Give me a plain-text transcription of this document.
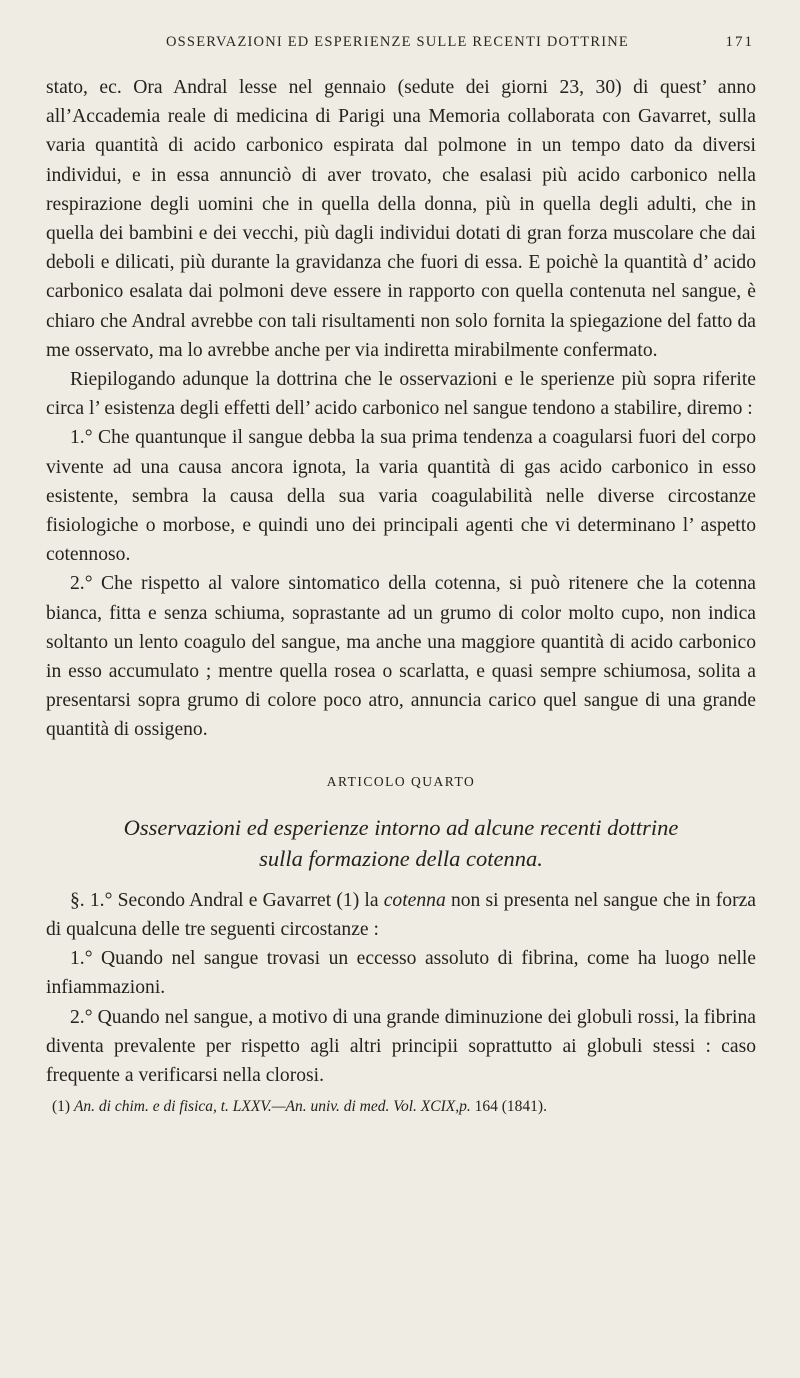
OSSERVAZIONI ED ESPERIENZE SULLE RECENTI DOTTRINE	171

stato, ec. Ora Andral lesse nel gennaio (sedute dei giorni 23, 30) di quest’ anno all’Accademia reale di medicina di Parigi una Memoria collaborata con Gavarret, sulla varia quantità di acido carbonico espirata dal polmone in un tempo dato da diversi individui, e in essa annunciò di aver trovato, che esalasi più acido carbonico nella respirazione degli uomini che in quella della donna, più in quella degli adulti, che in quella dei bambini e dei vecchi, più dagli individui dotati di gran forza muscolare che dai deboli e dilicati, più durante la gravidanza che fuori di essa. E poichè la quantità d’ acido carbonico esalata dai polmoni deve essere in rapporto con quella contenuta nel sangue, è chiaro che Andral avrebbe con tali risultamenti non solo fornita la spiegazione del fatto da me osservato, ma lo avrebbe anche per via indiretta mirabilmente confermato.

Riepilogando adunque la dottrina che le osservazioni e le sperienze più sopra riferite circa l’ esistenza degli effetti dell’ acido carbonico nel sangue tendono a stabilire, diremo :

1.° Che quantunque il sangue debba la sua prima tendenza a coagularsi fuori del corpo vivente ad una causa ancora ignota, la varia quantità di gas acido carbonico in esso esistente, sembra la causa della sua varia coagulabilità nelle diverse circostanze fisiologiche o morbose, e quindi uno dei principali agenti che vi determinano l’ aspetto cotennoso.

2.° Che rispetto al valore sintomatico della cotenna, si può ritenere che la cotenna bianca, fitta e senza schiuma, soprastante ad un grumo di color molto cupo, non indica soltanto un lento coagulo del sangue, ma anche una maggiore quantità di acido carbonico in esso accumulato ; mentre quella rosea o scarlatta, e quasi sempre schiumosa, solita a presentarsi sopra grumo di colore poco atro, annuncia carico quel sangue di una grande quantità di ossigeno.

ARTICOLO QUARTO
Osservazioni ed esperienze intorno ad alcune recenti dottrine
sulla formazione della cotenna.

§. 1.° Secondo Andral e Gavarret (1) la cotenna non si presenta nel sangue che in forza di qualcuna delle tre seguenti circostanze :

1.° Quando nel sangue trovasi un eccesso assoluto di fibrina, come ha luogo nelle infiammazioni.

2.° Quando nel sangue, a motivo di una grande diminuzione dei globuli rossi, la fibrina diventa prevalente per rispetto agli altri principii soprattutto ai globuli stessi : caso frequente a verificarsi nella clorosi.

(1) An. di chim. e di fisica, t. LXXV.—An. univ. di med. Vol. XCIX,p. 164 (1841).
